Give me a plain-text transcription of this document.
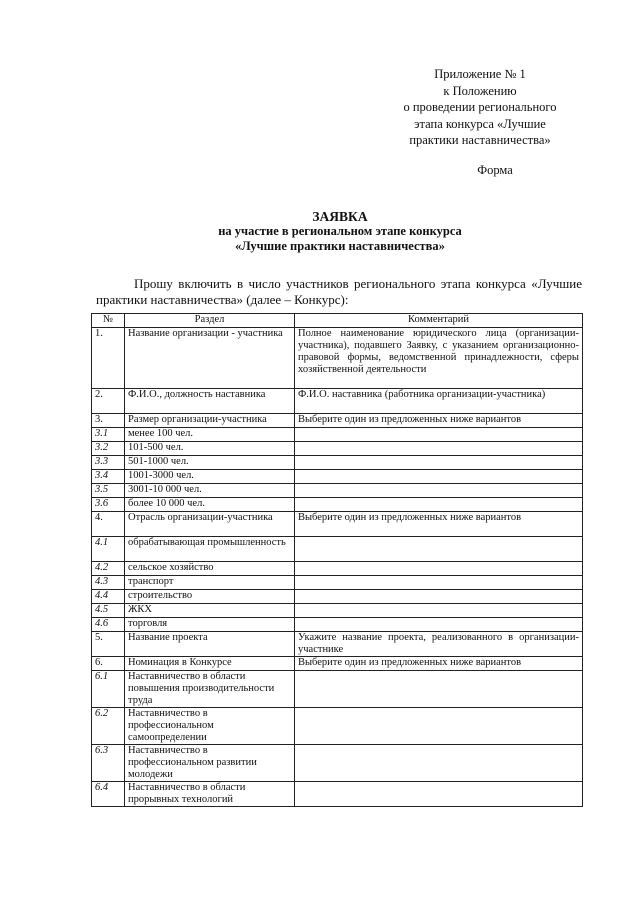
Приложение № 1
к Положению
о проведении регионального
этапа конкурса «Лучшие
практики наставничества»
Форма
ЗАЯВКА
на участие в региональном этапе конкурса
«Лучшие практики наставничества»

Прошу включить в число участников регионального этапа конкурса «Лучшие практики наставничества» (далее – Конкурс):

№	Раздел	Комментарий
1.	Название организации - участника	Полное наименование юридического лица (организации-участника), подавшего Заявку, с указанием организационно-правовой формы, ведомственной принадлежности, сферы хозяйственной деятельности
2.	Ф.И.О., должность наставника	Ф.И.О. наставника (работника организации-участника)
3.	Размер организации-участника	Выберите один из предложенных ниже вариантов
3.1	менее 100 чел.	
3.2	101-500 чел.	
3.3	501-1000 чел.	
3.4	1001-3000 чел.	
3.5	3001-10 000 чел.	
3.6	более 10 000 чел.	
4.	Отрасль организации-участника	Выберите один из предложенных ниже вариантов
4.1	обрабатывающая промышленность	
4.2	сельское хозяйство	
4.3	транспорт	
4.4	строительство	
4.5	ЖКХ	
4.6	торговля	
5.	Название проекта	Укажите название проекта, реализованного в организации-участнике
6.	Номинация в Конкурсе	Выберите один из предложенных ниже вариантов
6.1	Наставничество в области повышения производительности труда	
6.2	Наставничество в профессиональном самоопределении	
6.3	Наставничество в профессиональном развитии молодежи	
6.4	Наставничество в области прорывных технологий	
